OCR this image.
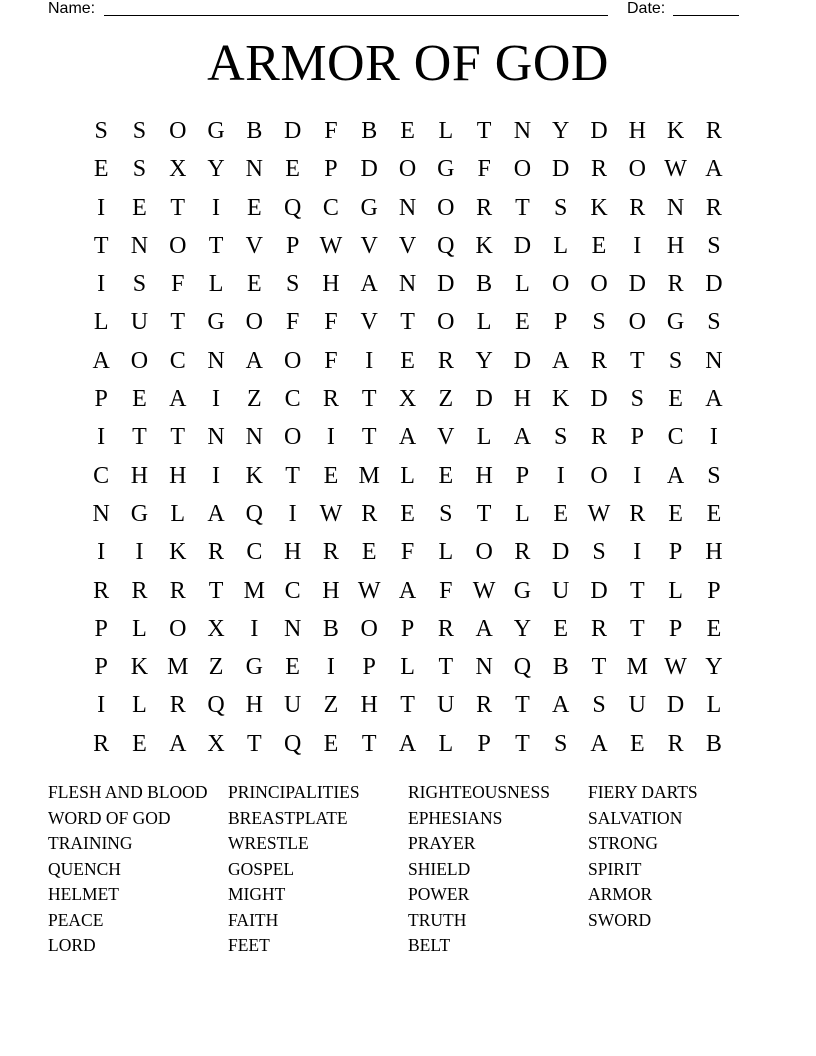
Name:	Date:
ARMOR OF GOD
S	S O G B D F B E L T N Y D H K R
E	S X Y N E	P D O G F O D R O W A
I	E T	I	E Q C G N O R T	S K R N R
T N O T V P W V V Q K D L E	I	H S
I	S	F	L E	S H A N D B L O O D R D
L U T G O F	F V T O L E	P	S O G S
A O C N A O F	I	E R Y D A R T	S N
P	E A	I	Z C R T X Z D H K D S	E A
I	T T N N O	I	T A V L A S R P C	I
C H H	I	K T E M L E H P	I	O	I	A S
N G L A Q	I W R E	S	T L E W R E E
I	I	K R C H R E	F	L O R D S	I	P H
R R R T M C H W A F W G U D T L	P
P	L O X	I	N B O P R A Y E R T	P	E
P K M Z G E	I	P	L T N Q B T M W Y
I	L R Q H U Z H T U R T A S U D L
R E A X T Q E T A L	P	T	S A E R B
FLESH AND BLOOD
WORD OF GOD
TRAINING
QUENCH
HELMET
PEACE
LORD
PRINCIPALITIES
BREASTPLATE
WRESTLE
GOSPEL
MIGHT
FAITH
FEET
RIGHTEOUSNESS
EPHESIANS
PRAYER
SHIELD
POWER
TRUTH
BELT
FIERY DARTS
SALVATION
STRONG
SPIRIT
ARMOR
SWORD
